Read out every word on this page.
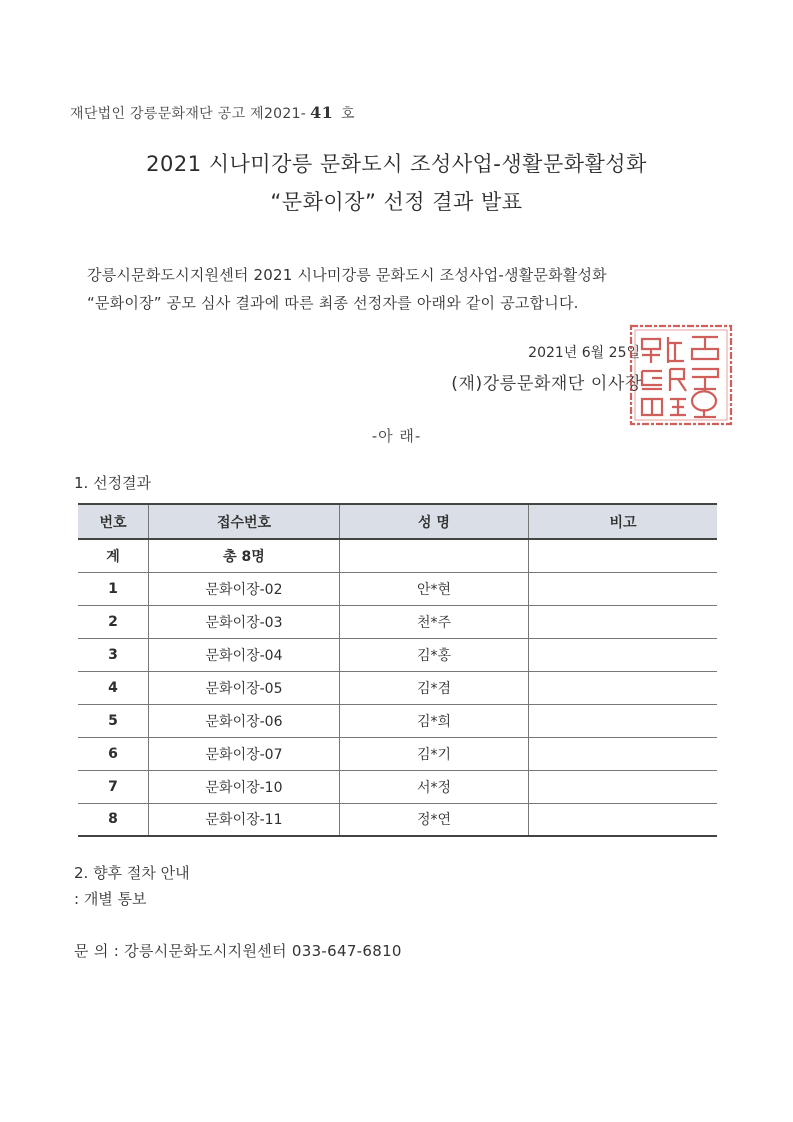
재단법인 강릉문화재단 공고 제2021- 41 호
2021 시나미강릉 문화도시 조성사업-생활문화활성화
“문화이장” 선정 결과 발표
강릉시문화도시지원센터 2021 시나미강릉 문화도시 조성사업-생활문화활성화
“문화이장” 공모 심사 결과에 따른 최종 선정자를 아래와 같이 공고합니다.
2021년 6월 25일
(재)강릉문화재단 이사장
-아 래-
1. 선정결과
번호	접수번호	성 명	비고
계	총 8명		
1	문화이장-02	안*현	
2	문화이장-03	천*주	
3	문화이장-04	김*홍	
4	문화이장-05	김*겸	
5	문화이장-06	김*희	
6	문화이장-07	김*기	
7	문화이장-10	서*정	
8	문화이장-11	정*연	
2. 향후 절차 안내
: 개별 통보
문 의 : 강릉시문화도시지원센터 033-647-6810
